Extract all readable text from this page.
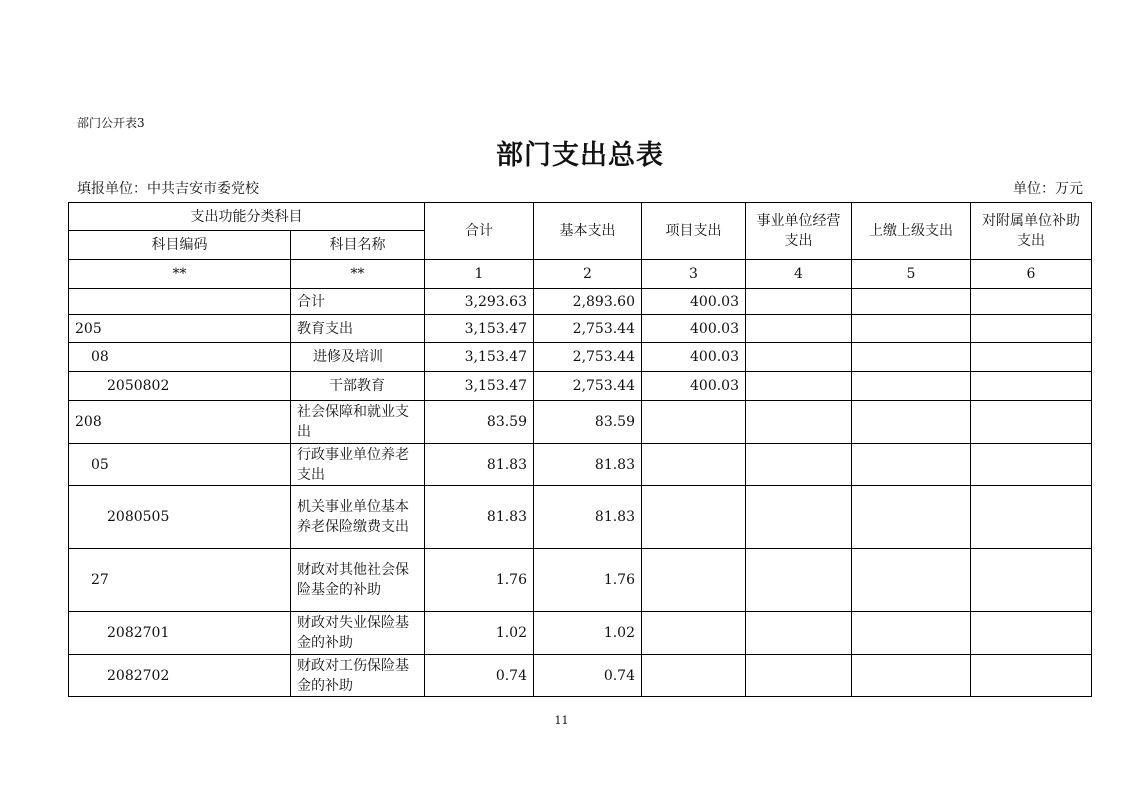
部门公开表3
部门支出总表
填报单位：中共吉安市委党校	单位：万元
支出功能分类科目		合计	基本支出	项目支出	事业单位经营支出	上缴上级支出	对附属单位补助支出
科目编码	科目名称						
**	**	1	2	3	4	5	6
	合计	3,293.63	2,893.60	400.03			
205	教育支出	3,153.47	2,753.44	400.03			
08	进修及培训	3,153.47	2,753.44	400.03			
2050802	干部教育	3,153.47	2,753.44	400.03			
208	社会保障和就业支出	83.59	83.59				
05	行政事业单位养老支出	81.83	81.83				
2080505	机关事业单位基本养老保险缴费支出	81.83	81.83				
27	财政对其他社会保险基金的补助	1.76	1.76				
2082701	财政对失业保险基金的补助	1.02	1.02				
2082702	财政对工伤保险基金的补助	0.74	0.74				
11
